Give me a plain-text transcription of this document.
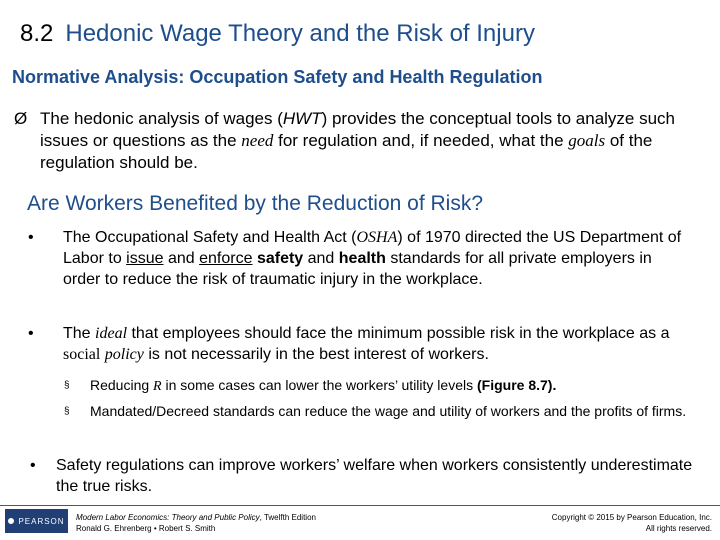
8.2 Hedonic Wage Theory and the Risk of Injury
Normative Analysis: Occupation Safety and Health Regulation
Ø The hedonic analysis of wages (HWT) provides the conceptual tools to analyze such issues or questions as the need for regulation and, if needed, what the goals of the regulation should be.
Are Workers Benefited by the Reduction of Risk?
• The Occupational Safety and Health Act (OSHA) of 1970 directed the US Department of Labor to issue and enforce safety and health standards for all private employers in order to reduce the risk of traumatic injury in the workplace.
• The ideal that employees should face the minimum possible risk in the workplace as a social policy is not necessarily in the best interest of workers.
§ Reducing R in some cases can lower the workers’ utility levels (Figure 8.7).
§ Mandated/Decreed standards can reduce the wage and utility of workers and the profits of firms.
• Safety regulations can improve workers’ welfare when workers consistently underestimate the true risks.
PEARSON Modern Labor Economics: Theory and Public Policy, Twelfth Edition
Ronald G. Ehrenberg • Robert S. Smith
Copyright © 2015 by Pearson Education, Inc.
All rights reserved.
